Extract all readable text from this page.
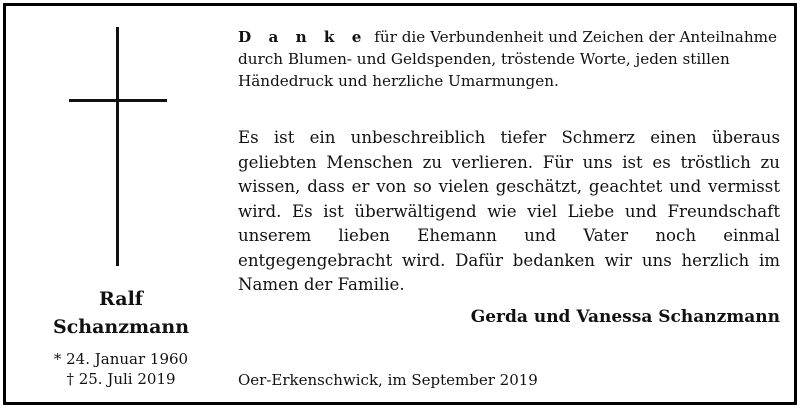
Ralf
Schanzmann
* 24. Januar 1960
† 25. Juli 2019
D a n k e für die Verbundenheit und Zeichen der Anteilnahme durch Blumen- und Geldspenden, tröstende Worte, jeden stillen Händedruck und herzliche Umarmungen.
Es ist ein unbeschreiblich tiefer Schmerz einen überaus geliebten Menschen zu verlieren. Für uns ist es tröstlich zu wissen, dass er von so vielen geschätzt, geachtet und vermisst wird. Es ist überwältigend wie viel Liebe und Freundschaft unserem lieben Ehemann und Vater noch einmal entgegengebracht wird. Dafür bedanken wir uns herzlich im Namen der Familie.
Gerda und Vanessa Schanzmann
Oer-Erkenschwick, im September 2019
